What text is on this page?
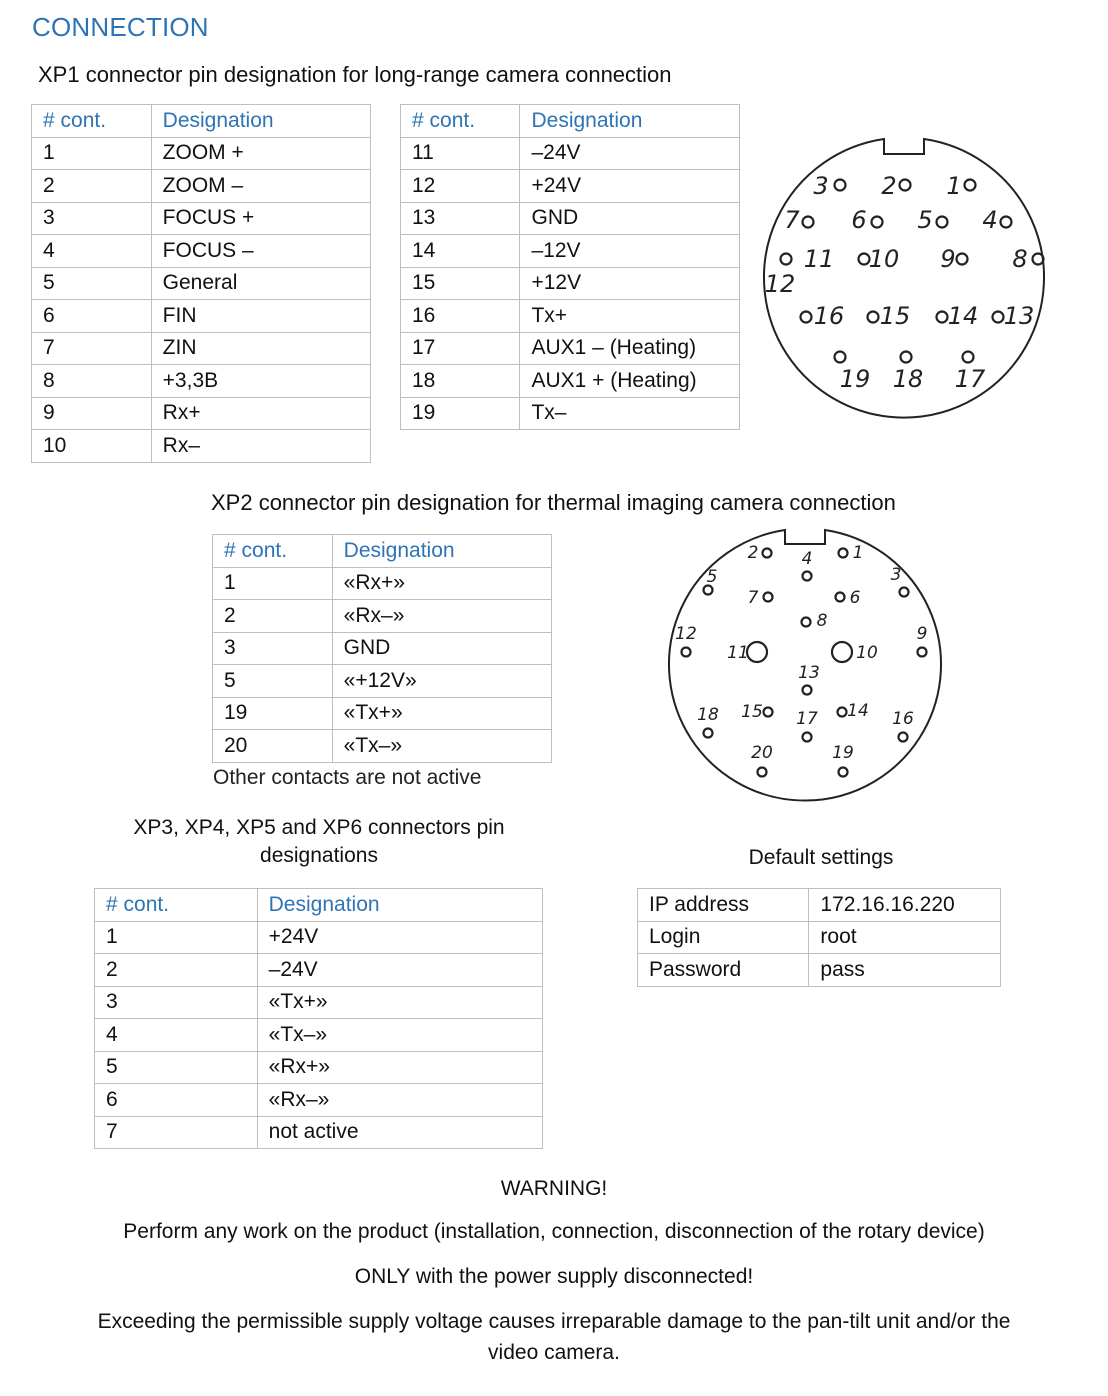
CONNECTION
XP1 connector pin designation for long-range camera connection
# cont.	Designation
1	ZOOM +
2	ZOOM –
3	FOCUS +
4	FOCUS –
5	General
6	FIN
7	ZIN
8	+3,3B
9	Rx+
10	Rx–
# cont.	Designation
11	–24V
12	+24V
13	GND
14	–12V
15	+12V
16	Tx+
17	AUX1 – (Heating)
18	AUX1 + (Heating)
19	Tx–
3 2 1
7 6 5 4
11 10 9 8
12
16 15 14 13
19 18 17
XP2 connector pin designation for thermal imaging camera connection
# cont.	Designation
1	«Rx+»
2	«Rx–»
3	GND
5	«+12V»
19	«Tx+»
20	«Tx–»
Other contacts are not active
2	4 1
5	3
7	6
8
9
12
11	10
13
18 15 17 14 16
20	19
XP3, XP4, XP5 and XP6 connectors pin
designations
# cont.	Designation
1	+24V
2	–24V
3	«Tx+»
4	«Tx–»
5	«Rx+»
6	«Rx–»
7	not active
Default settings
IP address	172.16.16.220
Login	root
Password	pass
WARNING!
Perform any work on the product (installation, connection, disconnection of the rotary device)
ONLY with the power supply disconnected!
Exceeding the permissible supply voltage causes irreparable damage to the pan-tilt unit and/or the
video camera.
